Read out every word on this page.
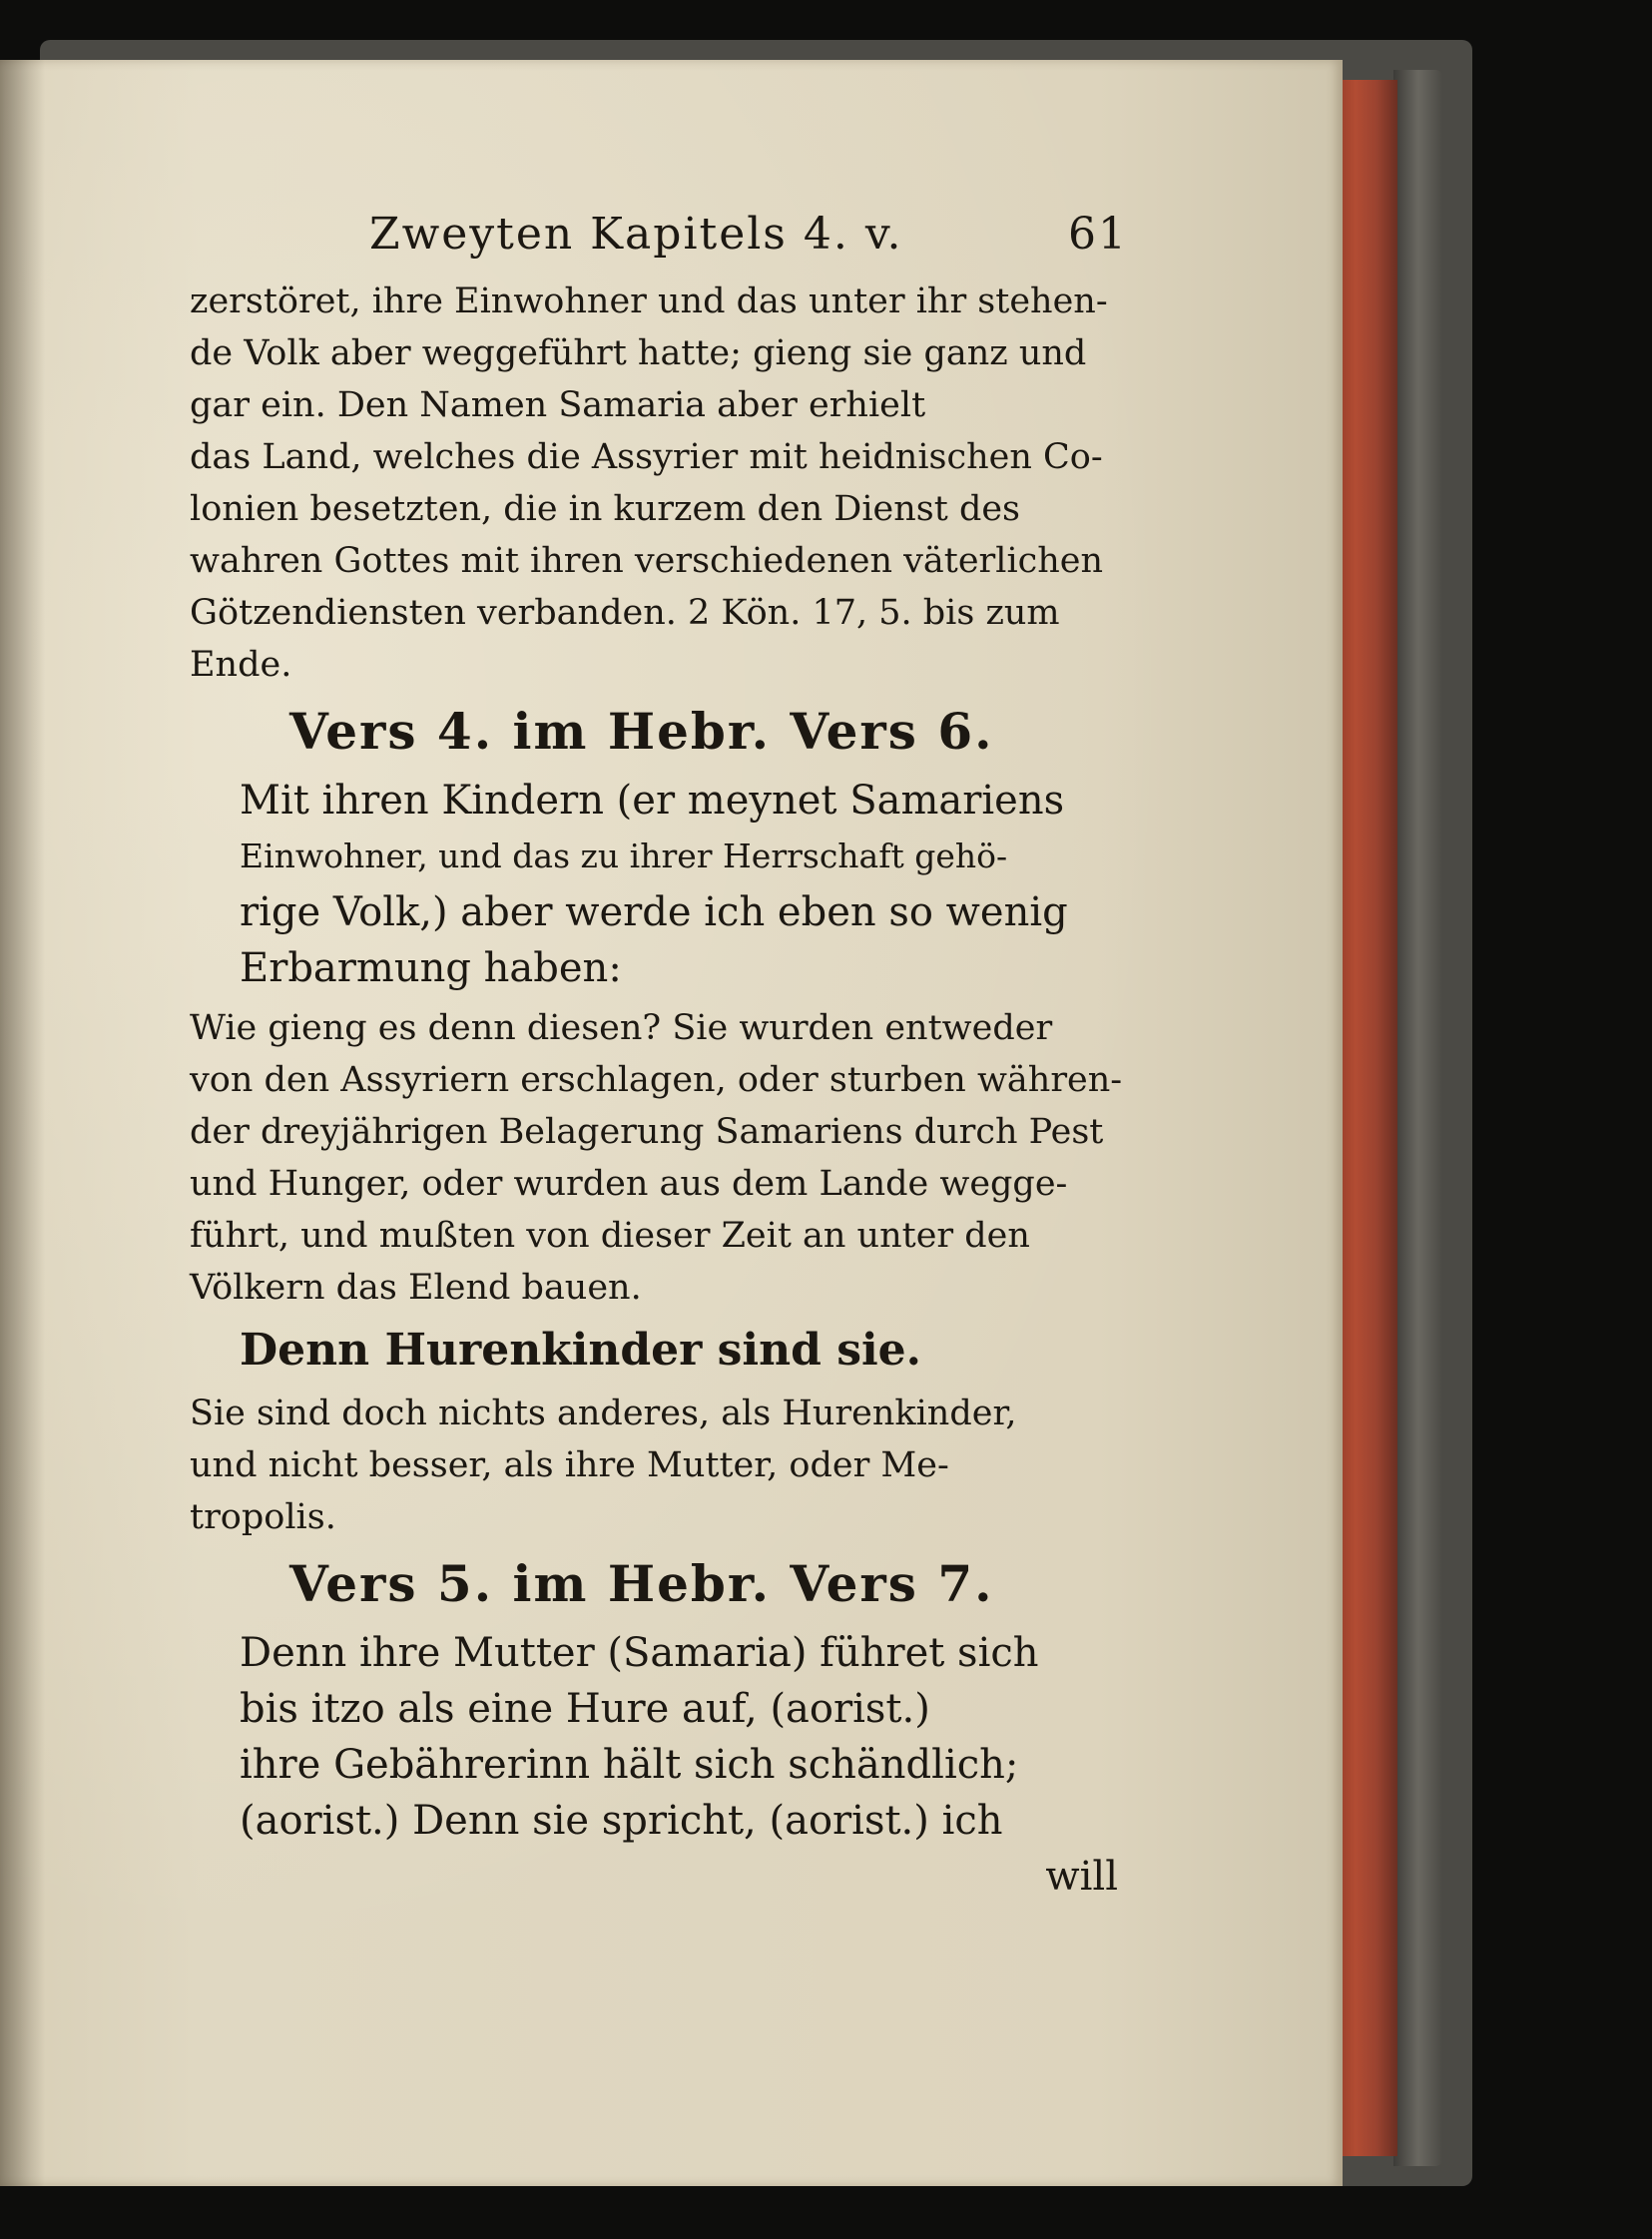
Zweyten Kapitels 4. v.	61
zerstöret, ihre Einwohner und das unter ihr stehen-
de Volk aber weggeführt hatte; gieng sie ganz und
gar ein. Den Namen Samaria aber erhielt
das Land, welches die Assyrier mit heidnischen Co-
lonien besetzten, die in kurzem den Dienst des
wahren Gottes mit ihren verschiedenen väterlichen
Götzendiensten verbanden. 2 Kön. 17, 5. bis zum
Ende.
Vers 4. im Hebr. Vers 6.
Mit ihren Kindern (er meynet Samariens
Einwohner, und das zu ihrer Herrschaft gehö-
rige Volk,) aber werde ich eben so wenig
Erbarmung haben:
Wie gieng es denn diesen? Sie wurden entweder
von den Assyriern erschlagen, oder sturben währen-
der dreyjährigen Belagerung Samariens durch Pest
und Hunger, oder wurden aus dem Lande wegge-
führt, und mußten von dieser Zeit an unter den
Völkern das Elend bauen.
Denn Hurenkinder sind sie.
Sie sind doch nichts anderes, als Hurenkinder,
und nicht besser, als ihre Mutter, oder Me-
tropolis.
Vers 5. im Hebr. Vers 7.
Denn ihre Mutter (Samaria) führet sich
bis itzo als eine Hure auf, (aorist.)
ihre Gebährerinn hält sich schändlich;
(aorist.) Denn sie spricht, (aorist.) ich
will
